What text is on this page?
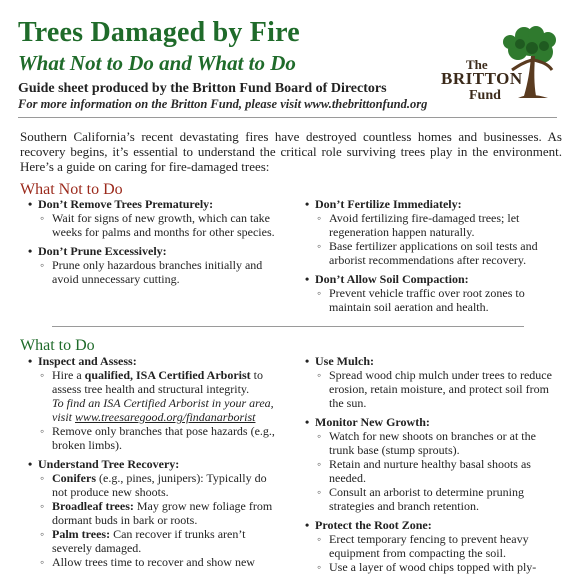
Trees Damaged by Fire
What Not to Do and What to Do
Guide sheet produced by the Britton Fund Board of Directors
For more information on the Britton Fund, please visit www.thebrittonfund.org
The
BRITTON
Fund
Southern California’s recent devastating fires have destroyed countless homes and businesses. As recovery begins, it’s essential to understand the critical role surviving trees play in the environment. Here’s a guide on caring for fire-damaged trees:
What Not to Do
• Don’t Remove Trees Prematurely:
◦ Wait for signs of new growth, which can take weeks for palms and months for other species.
• Don’t Prune Excessively:
◦ Prune only hazardous branches initially and avoid unnecessary cutting.
• Don’t Fertilize Immediately:
◦ Avoid fertilizing fire-damaged trees; let regeneration happen naturally.
◦ Base fertilizer applications on soil tests and arborist recommendations after recovery.
• Don’t Allow Soil Compaction:
◦ Prevent vehicle traffic over root zones to maintain soil aeration and health.
What to Do
• Inspect and Assess:
◦ Hire a qualified, ISA Certified Arborist to assess tree health and structural integrity.
To find an ISA Certified Arborist in your area, visit www.treesaregood.org/findanarborist
◦ Remove only branches that pose hazards (e.g., broken limbs).
• Understand Tree Recovery:
◦ Conifers (e.g., pines, junipers): Typically do not produce new shoots.
◦ Broadleaf trees: May grow new foliage from dormant buds in bark or roots.
◦ Palm trees: Can recover if trunks aren’t severely damaged.
◦ Allow trees time to recover and show new
• Use Mulch:
◦ Spread wood chip mulch under trees to reduce erosion, retain moisture, and protect soil from the sun.
• Monitor New Growth:
◦ Watch for new shoots on branches or at the trunk base (stump sprouts).
◦ Retain and nurture healthy basal shoots as needed.
◦ Consult an arborist to determine pruning strategies and branch retention.
• Protect the Root Zone:
◦ Erect temporary fencing to prevent heavy equipment from compacting the soil.
◦ Use a layer of wood chips topped with ply-
